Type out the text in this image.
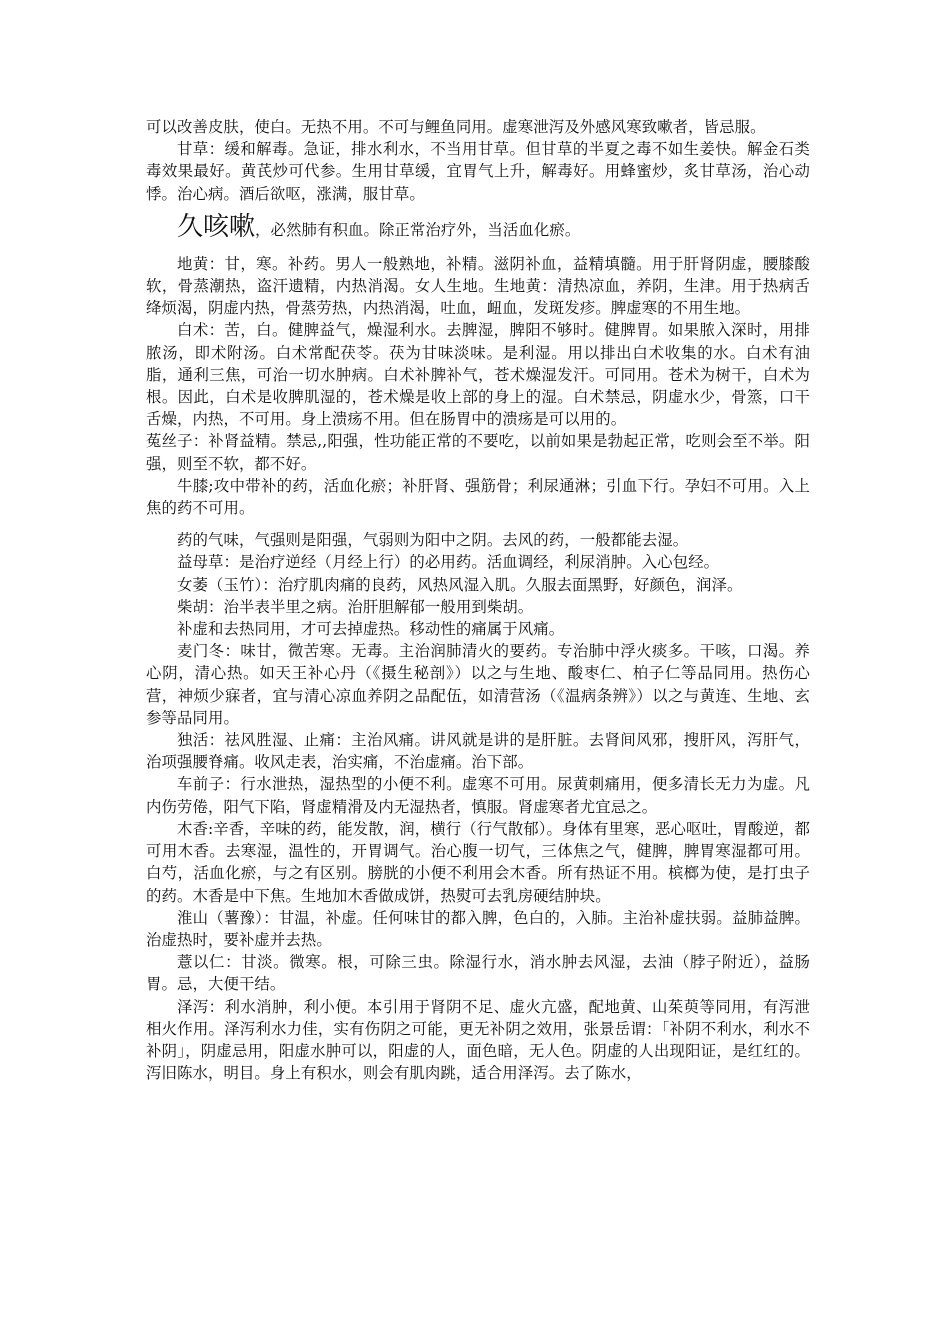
可以改善皮肤，使白。无热不用。不可与鲤鱼同用。虚寒泄泻及外感风寒致嗽者，皆忌服。

甘草：缓和解毒。急证，排水利水，不当用甘草。但甘草的半夏之毒不如生姜快。解金石类毒效果最好。黄芪炒可代参。生用甘草缓，宜胃气上升，解毒好。用蜂蜜炒，炙甘草汤，治心动悸。治心病。酒后欲呕，涨满，服甘草。

久咳嗽，必然肺有积血。除正常治疗外，当活血化瘀。

地黄：甘，寒。补药。男人一般熟地，补精。滋阴补血，益精填髓。用于肝肾阴虚，腰膝酸软，骨蒸潮热，盗汗遗精，内热消渴。女人生地。生地黄：清热凉血，养阴，生津。用于热病舌绛烦渴，阴虚内热，骨蒸劳热，内热消渴，吐血，衄血，发斑发疹。脾虚寒的不用生地。

白术：苦，白。健脾益气，燥湿利水。去脾湿，脾阳不够时。健脾胃。如果脓入深时，用排脓汤，即术附汤。白术常配茯苓。茯为甘味淡味。是利湿。用以排出白术收集的水。白术有油脂，通利三焦，可治一切水肿病。白术补脾补气，苍术燥湿发汗。可同用。苍术为树干，白术为根。因此，白术是收脾肌湿的，苍术燥是收上部的身上的湿。白术禁忌，阴虚水少，骨篜，口干舌燥，内热，不可用。身上溃疡不用。但在肠胃中的溃疡是可以用的。

菟丝子：补肾益精。禁忌,,阳强，性功能正常的不要吃，以前如果是勃起正常，吃则会至不举。阳强，则至不软，都不好。

牛膝;攻中带补的药，活血化瘀；补肝肾、强筋骨；利尿通淋；引血下行。孕妇不可用。入上焦的药不可用。

药的气味，气强则是阳强，气弱则为阳中之阴。去风的药，一般都能去湿。

益母草：是治疗逆经（月经上行）的必用药。活血调经，利尿消肿。入心包经。

女萎（玉竹）：治疗肌肉痛的良药，风热风湿入肌。久服去面黑野，好颜色，润泽。

柴胡：治半表半里之病。治肝胆解郁一般用到柴胡。

补虚和去热同用，才可去掉虚热。移动性的痛属于风痛。

麦门冬：味甘，微苦寒。无毒。主治润肺清火的要药。专治肺中浮火痰多。干咳，口渴。养心阴，清心热。如天王补心丹（《摄生秘剖》）以之与生地、酸枣仁、柏子仁等品同用。热伤心营，神烦少寐者，宜与清心凉血养阴之品配伍，如清营汤（《温病条辨》）以之与黄连、生地、玄参等品同用。

独活：祛风胜湿、止痛：主治风痛。讲风就是讲的是肝脏。去肾间风邪，搜肝风，泻肝气，治项强腰脊痛。收风走表，治实痛，不治虚痛。治下部。

车前子：行水泄热，湿热型的小便不利。虚寒不可用。尿黄刺痛用，便多清长无力为虚。凡内伤劳倦，阳气下陷，肾虚精滑及内无湿热者，慎服。肾虚寒者尤宜忌之。

木香:辛香，辛味的药，能发散，润，横行（行气散郁）。身体有里寒，恶心呕吐，胃酸逆，都可用木香。去寒湿，温性的，开胃调气。治心腹一切气，三体焦之气，健脾，脾胃寒湿都可用。白芍，活血化瘀，与之有区别。膀胱的小便不利用会木香。所有热证不用。槟榔为使，是打虫子的药。木香是中下焦。生地加木香做成饼，热熨可去乳房硬结肿块。

淮山（薯豫）：甘温，补虚。任何味甘的都入脾，色白的，入肺。主治补虚扶弱。益肺益脾。治虚热时，要补虚并去热。

薏以仁：甘淡。微寒。根，可除三虫。除湿行水，消水肿去风湿，去油（脖子附近），益肠胃。忌，大便干结。

泽泻：利水消肿，利小便。本引用于肾阴不足、虚火亢盛，配地黄、山茱萸等同用，有泻泄相火作用。泽泻利水力佳，实有伤阴之可能，更无补阴之效用，张景岳谓：「补阴不利水，利水不补阴」，阴虚忌用，阳虚水肿可以，阳虚的人，面色暗，无人色。阴虚的人出现阳证，是红红的。泻旧陈水，明目。身上有积水，则会有肌肉跳，适合用泽泻。去了陈水，
